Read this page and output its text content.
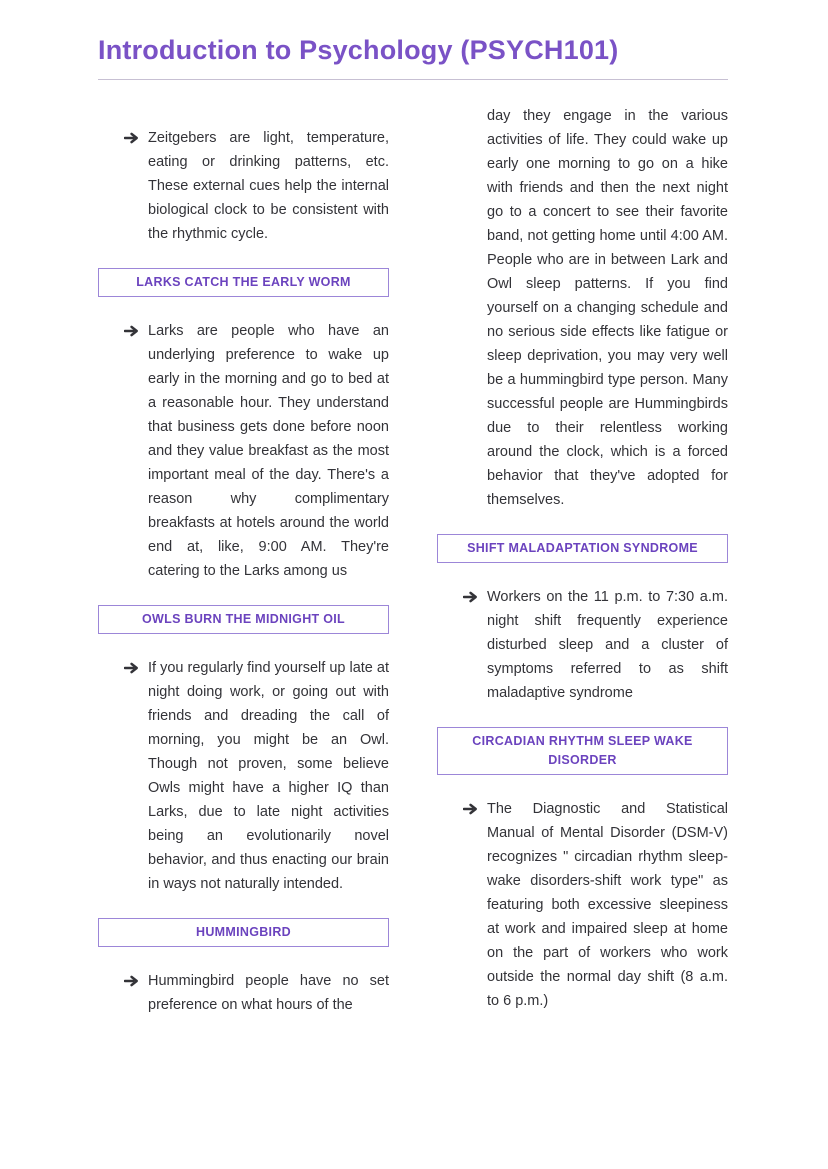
Introduction to Psychology (PSYCH101)

Zeitgebers are light, temperature, eating or drinking patterns, etc. These external cues help the internal biological clock to be consistent with the rhythmic cycle.

LARKS CATCH THE EARLY WORM

Larks are people who have an underlying preference to wake up early in the morning and go to bed at a reasonable hour. They understand that business gets done before noon and they value breakfast as the most important meal of the day. There's a reason why complimentary breakfasts at hotels around the world end at, like, 9:00 AM. They're catering to the Larks among us

OWLS BURN THE MIDNIGHT OIL

If you regularly find yourself up late at night doing work, or going out with friends and dreading the call of morning, you might be an Owl. Though not proven, some believe Owls might have a higher IQ than Larks, due to late night activities being an evolutionarily novel behavior, and thus enacting our brain in ways not naturally intended.

HUMMINGBIRD

Hummingbird people have no set preference on what hours of the

day they engage in the various activities of life. They could wake up early one morning to go on a hike with friends and then the next night go to a concert to see their favorite band, not getting home until 4:00 AM. People who are in between Lark and Owl sleep patterns. If you find yourself on a changing schedule and no serious side effects like fatigue or sleep deprivation, you may very well be a hummingbird type person. Many successful people are Hummingbirds due to their relentless working around the clock, which is a forced behavior that they've adopted for themselves.

SHIFT MALADAPTATION SYNDROME

Workers on the 11 p.m. to 7:30 a.m. night shift frequently experience disturbed sleep and a cluster of symptoms referred to as shift maladaptive syndrome

CIRCADIAN RHYTHM SLEEP WAKE DISORDER

The Diagnostic and Statistical Manual of Mental Disorder (DSM-V) recognizes " circadian rhythm sleep-wake disorders-shift work type" as featuring both excessive sleepiness at work and impaired sleep at home on the part of workers who work outside the normal day shift (8 a.m. to 6 p.m.)
